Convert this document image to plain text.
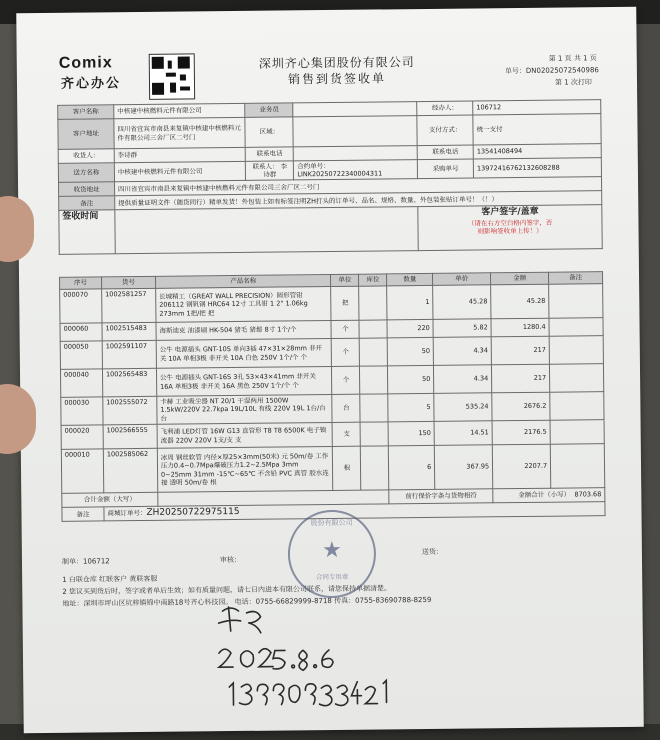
Comix
齐心办公
深圳齐心集团股份有限公司
销售到货签收单
第 1 页 共 1 页
单号：DN02025072540986
第 1 次打印
客户名称	中核建中核燃料元件有限公司	业务员		经办人：	106712
客户地址	四川省宜宾市南县来复镇中核建中核燃料元件有限公司三舍厂区二号门	区域：		支付方式：	统一支付
收货人：	李诗群	联系电话		联系电话	13541408494
送方名称	中核建中核燃料元件有限公司	联系人： 李诗群	合约单号： LINK20250722340004311	采购单号	13972416762132608288
收货地址	四川省宜宾市南县来复镇中核建中核燃料元件有限公司三舍厂区二号门				
备注	提供质量证明文件（随货同行）精单发货！外包装上如有标签注明ZH打头的订单号、品名、规格、数量、外包装张贴订单号！（！）				
签收时间				客户签字/盖章
（请在右方空白格内签字，否
则影响签收单上传！）	
序号	货号	产品名称	单位	库位	数量	单价	金额	备注
000070	1002581257	长城精工（GREAT WALL PRECISION）圆形管钳 206112 钢钒钢 HRC64 12寸 工具钳 1 2" 1.06kg 273mm 1把/把 把	把		1	45.28	45.28	
000060	1002515483	海斯迪克 油漆刷 HK-504 猪毛 猪鬃 8寸 1个/个	个		220	5.82	1280.4	
000050	1002591107	公牛 电源插头 GNT-10S 单向3插 47×31×28mm 非开关 10A 单相3极 非开关 10A 白色 250V 1个/个 个	个		50	4.34	217	
000040	1002565483	公牛 电源插头 GNT-16S 3孔 53×43×41mm 非开关 16A 单相3极 非开关 16A 黑色 250V 1个/个 个	个		50	4.34	217	
000030	1002555072	卡赫 工业吸尘器 NT 20/1 干湿两用 1500W 1.5kW/220V 22.7kpa 19L/10L 有线 220V 19L 1台/台 台	台		5	535.24	2676.2	
000020	1002566555	飞利浦 LED灯管 16W G13 直管形 T8 T8 6500K 电子镇流器 220V 220V 1支/支 支	支		150	14.51	2176.5	
000010	1002585062	冰周 钢丝软管 内径×厚25×3mm(50米) 元 50m/卷 工作压力0.4~0.7Mpa爆破压力1.2~2.5Mpa 3mm 0~25mm 31mm -15℃~65℃ 不含铅 PVC 真管 胶水连接 透明 50m/卷 根	根		6	367.95	2207.7	
合计金额（大写）					前行保价字条与货物相符		金额合计（小写） 8703.68	
备注	商城订单号：ZH20250722975115							
制单：106712	审核：
送货：
1 白联仓库 红联客户 黄联客服
2 您议买到货后时，签字或者单后生效；如有质量问题，请七日内进本有限公司联系，请您保持单据清楚。
地址：深圳市坪山区坑梓镇锦中南路18号齐心科技园。 电话：0755-66829999-8718 传真：0755-83690788-8259
股份有限公司
★
合同专用章
